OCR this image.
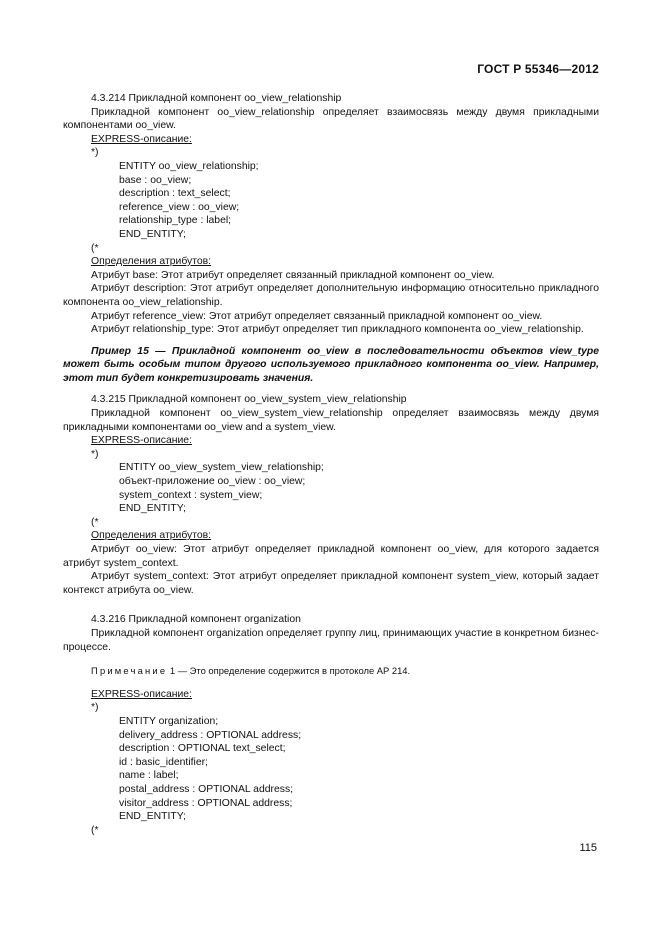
ГОСТ Р 55346—2012

4.3.214 Прикладной компонент oo_view_relationship

Прикладной компонент oo_view_relationship определяет взаимосвязь между двумя прикладными компонентами oo_view.

EXPRESS-описание:

*)

ENTITY oo_view_relationship;

base : oo_view;

description : text_select;

reference_view : oo_view;

relationship_type : label;

END_ENTITY;

(*

Определения атрибутов:

Атрибут base: Этот атрибут определяет связанный прикладной компонент oo_view.

Атрибут description: Этот атрибут определяет дополнительную информацию относительно прикладного компонента oo_view_relationship.

Атрибут reference_view: Этот атрибут определяет связанный прикладной компонент oo_view.

Атрибут relationship_type: Этот атрибут определяет тип прикладного компонента oo_view_relationship.

Пример 15 — Прикладной компонент oo_view в последовательности объектов view_type может быть особым типом другого используемого прикладного компонента oo_view. Например, этот тип будет конкретизировать значения.

4.3.215 Прикладной компонент oo_view_system_view_relationship

Прикладной компонент oo_view_system_view_relationship определяет взаимосвязь между двумя прикладными компонентами oo_view and a system_view.

EXPRESS-описание:

*)

ENTITY oo_view_system_view_relationship;

объект-приложение oo_view : oo_view;

system_context : system_view;

END_ENTITY;

(*

Определения атрибутов:

Атрибут oo_view: Этот атрибут определяет прикладной компонент oo_view, для которого задается атрибут system_context.

Атрибут system_context: Этот атрибут определяет прикладной компонент system_view, который задает контекст атрибута oo_view.

4.3.216 Прикладной компонент organization

Прикладной компонент organization определяет группу лиц, принимающих участие в конкретном бизнес-процессе.

Примечание 1 — Это определение содержится в протоколе АР 214.

EXPRESS-описание:

*)

ENTITY organization;

delivery_address : OPTIONAL address;

description : OPTIONAL text_select;

id : basic_identifier;

name : label;

postal_address : OPTIONAL address;

visitor_address : OPTIONAL address;

END_ENTITY;

(*

115
